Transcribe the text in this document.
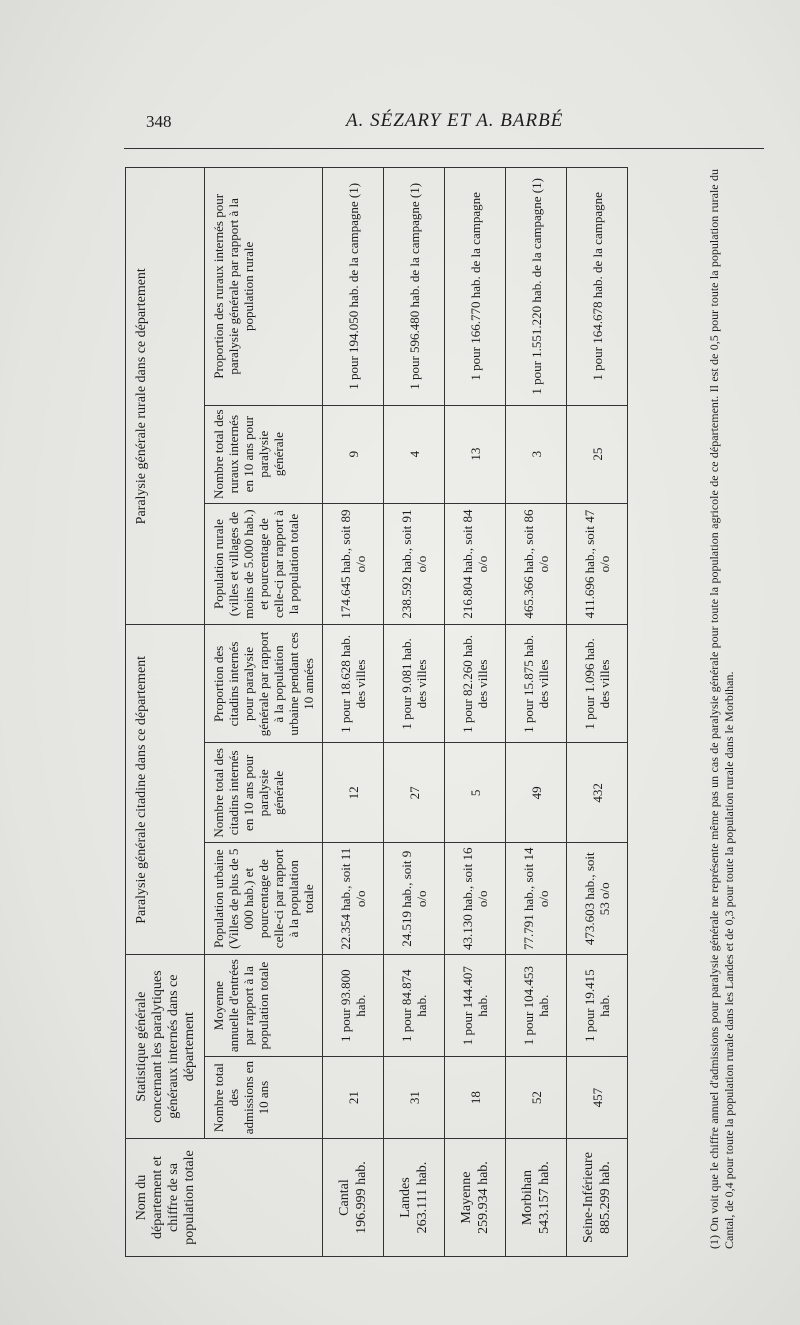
348	A. SÉZARY ET A. BARBÉ
Nom du département et chiffre de sa population totale	Statistique générale concernant les paralytiques généraux internés dans ce département		Paralysie générale citadine dans ce département			Paralysie générale rurale dans ce département		
	Nombre total des admissions en 10 ans	Moyenne annuelle d'entrées par rapport à la population totale	Population urbaine (Villes de plus de 5 000 hab.) et pourcentage de celle-ci par rapport à la population totale	Nombre total des citadins internés en 10 ans pour paralysie générale	Proportion des citadins internés pour paralysie générale par rapport à la population urbaine pendant ces 10 années	Population rurale (villes et villages de moins de 5.000 hab.) et pourcentage de celle-ci par rapport à la population totale	Nombre total des ruraux internés en 10 ans pour paralysie générale	Proportion des ruraux internés pour paralysie générale par rapport à la population rurale
Cantal 196.999 hab.	21	1 pour 93.800 hab.	22.354 hab., soit 11 o/o	12	1 pour 18.628 hab. des villes	174.645 hab., soit 89 o/o	9	1 pour 194.050 hab. de la campagne (1)
Landes 263.111 hab.	31	1 pour 84.874 hab.	24.519 hab., soit 9 o/o	27	1 pour 9.081 hab. des villes	238.592 hab., soit 91 o/o	4	1 pour 596.480 hab. de la campagne (1)
Mayenne 259.934 hab.	18	1 pour 144.407 hab.	43.130 hab., soit 16 o/o	5	1 pour 82.260 hab. des villes	216.804 hab., soit 84 o/o	13	1 pour 166.770 hab. de la campagne
Morbihan 543.157 hab.	52	1 pour 104.453 hab.	77.791 hab., soit 14 o/o	49	1 pour 15.875 hab. des villes	465.366 hab., soit 86 o/o	3	1 pour 1.551.220 hab. de la campagne (1)
Seine-Inférieure 885.299 hab.	457	1 pour 19.415 hab.	473.603 hab., soit 53 o/o	432	1 pour 1.096 hab. des villes	411.696 hab., soit 47 o/o	25	1 pour 164.678 hab. de la campagne	(1) On voit que le chiffre annuel d'admissions pour paralysie générale ne représente même pas un cas de paralysie générale pour toute la population agricole de ce département. Il est de 0,5 pour toute la population rurale du Cantal, de 0,4 pour toute la population rurale dans les Landes et de 0,3 pour toute la population rurale dans le Morbihan.
